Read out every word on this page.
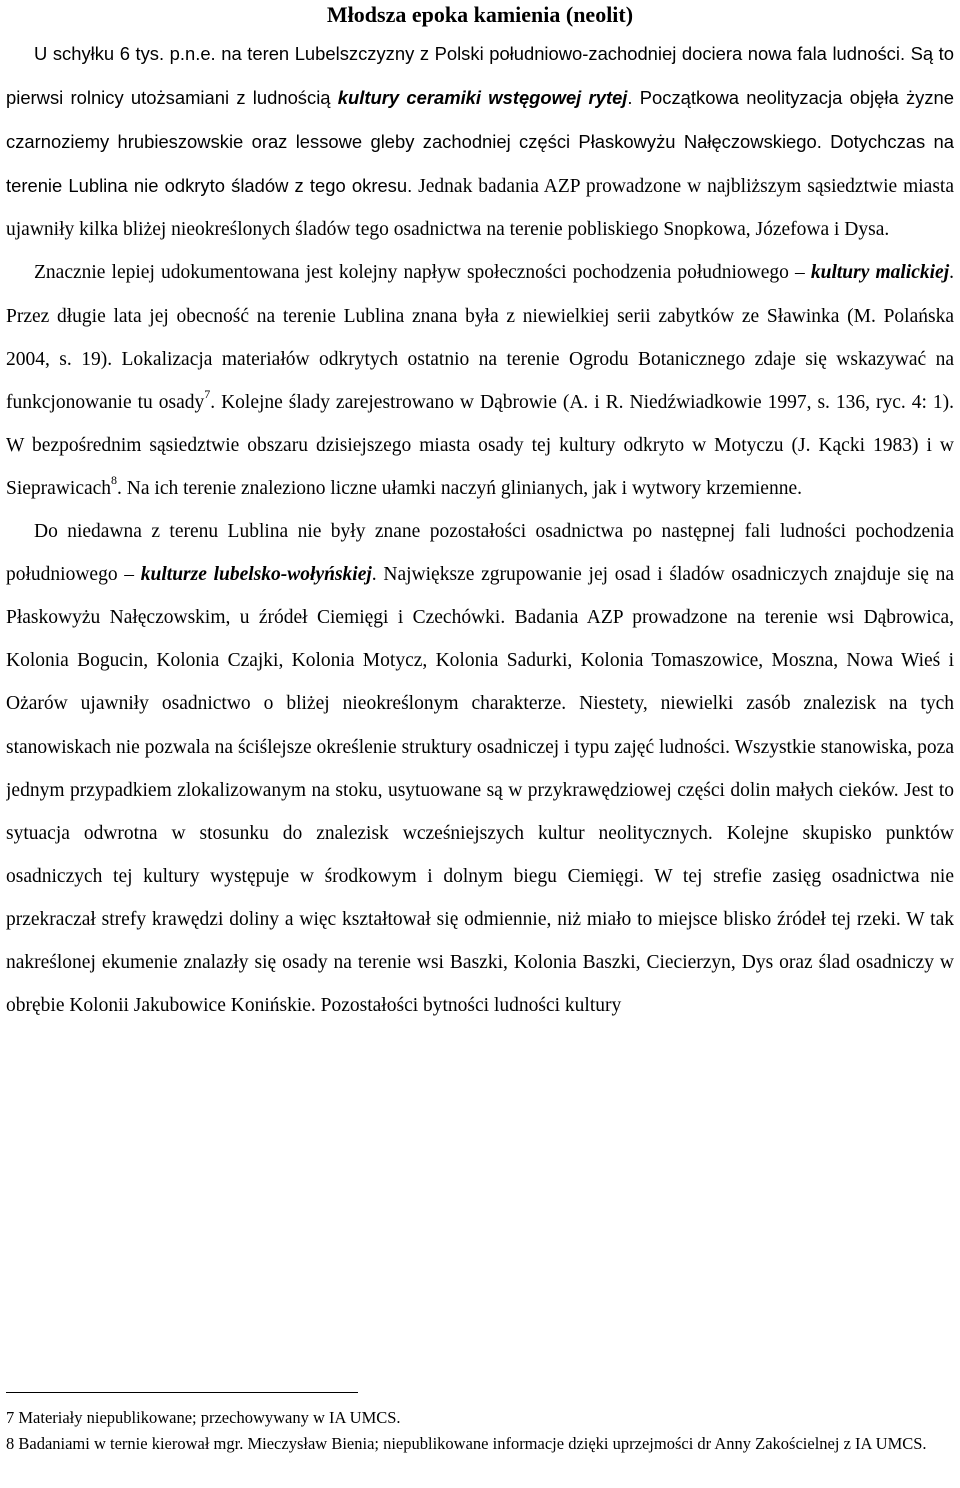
Młodsza epoka kamienia (neolit)

U schyłku 6 tys. p.n.e. na teren Lubelszczyzny z Polski południowo-zachodniej dociera nowa fala ludności. Są to pierwsi rolnicy utożsamiani z ludnością kultury ceramiki wstęgowej rytej. Początkowa neolityzacja objęła żyzne czarnoziemy hrubieszowskie oraz lessowe gleby zachodniej części Płaskowyżu Nałęczowskiego. Dotychczas na terenie Lublina nie odkryto śladów z tego okresu. Jednak badania AZP prowadzone w najbliższym sąsiedztwie miasta ujawniły kilka bliżej nieokreślonych śladów tego osadnictwa na terenie pobliskiego Snopkowa, Józefowa i Dysa.

Znacznie lepiej udokumentowana jest kolejny napływ społeczności pochodzenia południowego – kultury malickiej. Przez długie lata jej obecność na terenie Lublina znana była z niewielkiej serii zabytków ze Sławinka (M. Polańska 2004, s. 19). Lokalizacja materiałów odkrytych ostatnio na terenie Ogrodu Botanicznego zdaje się wskazywać na funkcjonowanie tu osady$^7$. Kolejne ślady zarejestrowano w Dąbrowie (A. i R. Niedźwiadkowie 1997, s. 136, ryc. 4: 1). W bezpośrednim sąsiedztwie obszaru dzisiejszego miasta osady tej kultury odkryto w Motyczu (J. Kącki 1983) i w Sieprawicach$^8$. Na ich terenie znaleziono liczne ułamki naczyń glinianych, jak i wytwory krzemienne.

Do niedawna z terenu Lublina nie były znane pozostałości osadnictwa po następnej fali ludności pochodzenia południowego – kulturze lubelsko-wołyńskiej. Największe zgrupowanie jej osad i śladów osadniczych znajduje się na Płaskowyżu Nałęczowskim, u źródeł Ciemięgi i Czechówki. Badania AZP prowadzone na terenie wsi Dąbrowica, Kolonia Bogucin, Kolonia Czajki, Kolonia Motycz, Kolonia Sadurki, Kolonia Tomaszowice, Moszna, Nowa Wieś i Ożarów ujawniły osadnictwo o bliżej nieokreślonym charakterze. Niestety, niewielki zasób znalezisk na tych stanowiskach nie pozwala na ściślejsze określenie struktury osadniczej i typu zajęć ludności. Wszystkie stanowiska, poza jednym przypadkiem zlokalizowanym na stoku, usytuowane są w przykrawędziowej części dolin małych cieków. Jest to sytuacja odwrotna w stosunku do znalezisk wcześniejszych kultur neolitycznych. Kolejne skupisko punktów osadniczych tej kultury występuje w środkowym i dolnym biegu Ciemięgi. W tej strefie zasięg osadnictwa nie przekraczał strefy krawędzi doliny a więc kształtował się odmiennie, niż miało to miejsce blisko źródeł tej rzeki. W tak nakreślonej ekumenie znalazły się osady na terenie wsi Baszki, Kolonia Baszki, Ciecierzyn, Dys oraz ślad osadniczy w obrębie Kolonii Jakubowice Konińskie. Pozostałości bytności ludności kultury

7 Materiały niepublikowane; przechowywany w IA UMCS.
8 Badaniami w ternie kierował mgr. Mieczysław Bienia; niepublikowane informacje dzięki uprzejmości dr Anny Zakościelnej z IA UMCS.
